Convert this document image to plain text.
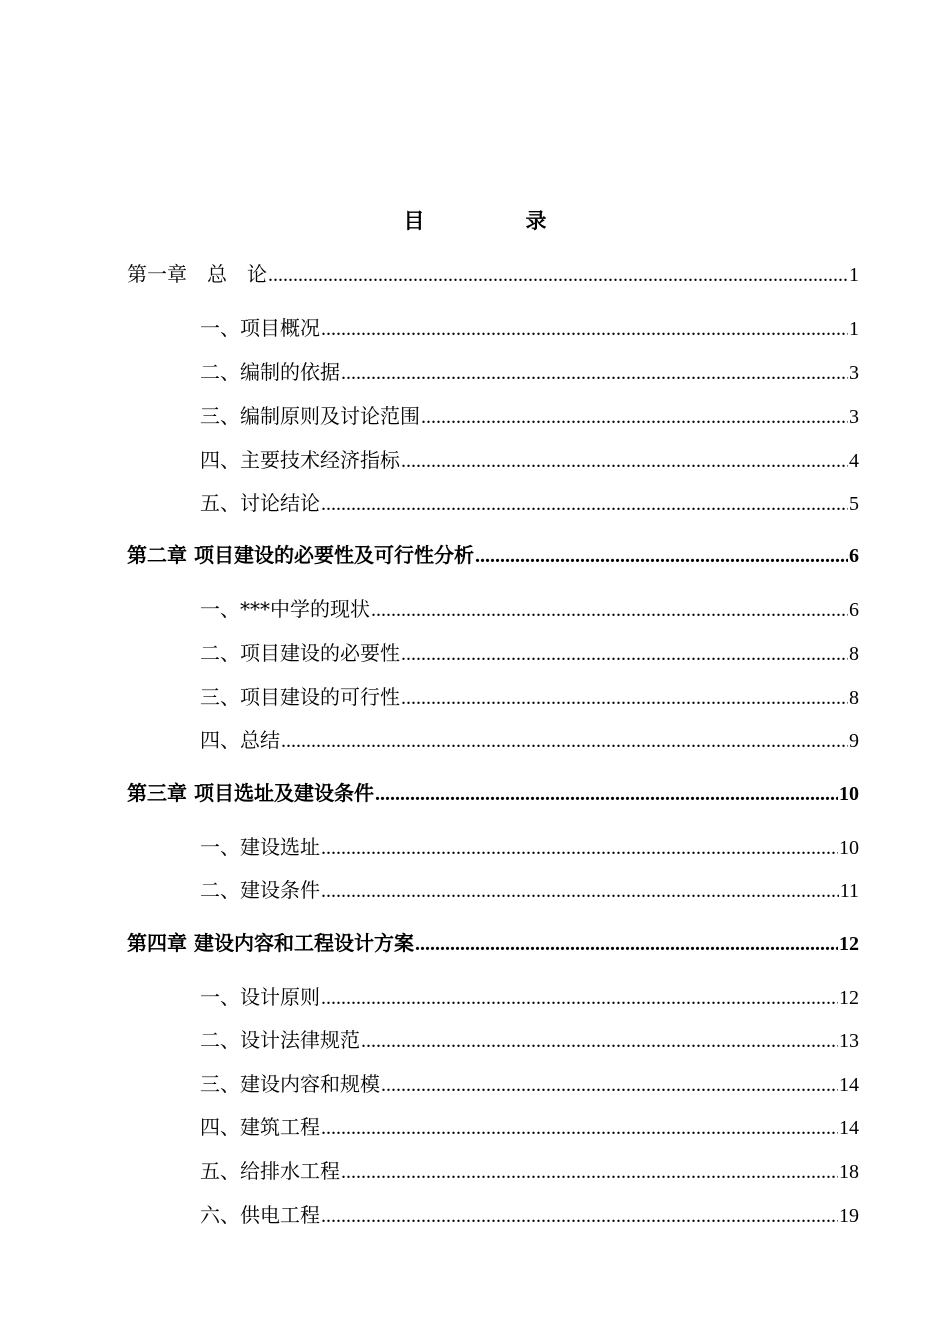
目　录
第一章　总　论 .....	1
一、项目概况 .....	1
二、编制的依据 .....	3
三、编制原则及讨论范围 .....	3
四、主要技术经济指标 .....	4
五、讨论结论 .....	5
第二章 项目建设的必要性及可行性分析 .....	6
一、***中学的现状 .....	6
二、项目建设的必要性 .....	8
三、项目建设的可行性 .....	8
四、总结 .....	9
第三章 项目选址及建设条件 .....	10
一、建设选址 .....	10
二、建设条件 .....	11
第四章 建设内容和工程设计方案 .....	12
一、设计原则 .....	12
二、设计法律规范 .....	13
三、建设内容和规模 .....	14
四、建筑工程 .....	14
五、给排水工程 .....	18
六、供电工程 .....	19
